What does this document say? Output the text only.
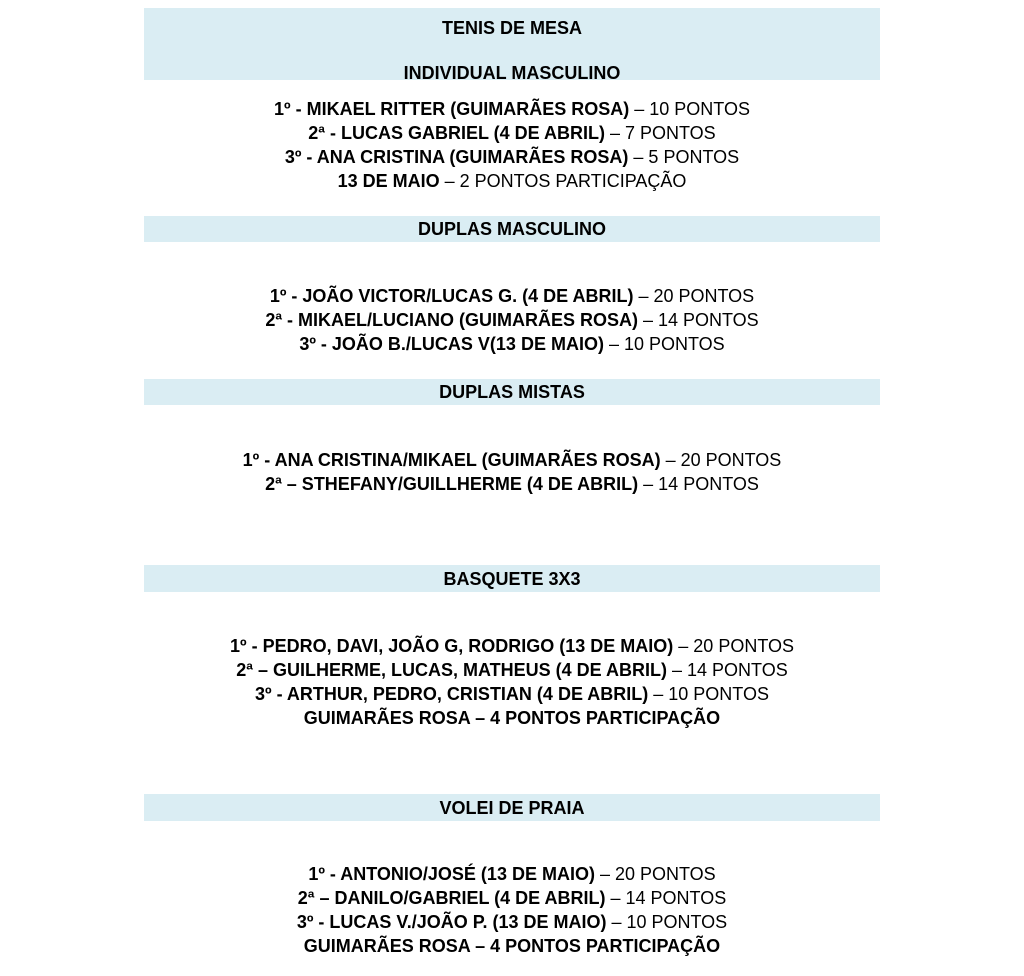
TENIS DE MESA
INDIVIDUAL MASCULINO
1º - MIKAEL RITTER (GUIMARÃES ROSA) – 10 PONTOS
2ª - LUCAS GABRIEL (4 DE ABRIL) – 7 PONTOS
3º - ANA CRISTINA (GUIMARÃES ROSA) – 5 PONTOS
13 DE MAIO – 2 PONTOS PARTICIPAÇÃO
DUPLAS MASCULINO
1º - JOÃO VICTOR/LUCAS G. (4 DE ABRIL) – 20 PONTOS
2ª - MIKAEL/LUCIANO (GUIMARÃES ROSA) – 14 PONTOS
3º - JOÃO B./LUCAS V(13 DE MAIO) – 10 PONTOS
DUPLAS MISTAS
1º - ANA CRISTINA/MIKAEL (GUIMARÃES ROSA) – 20 PONTOS
2ª – STHEFANY/GUILLHERME (4 DE ABRIL) – 14 PONTOS
BASQUETE 3X3
1º - PEDRO, DAVI, JOÃO G, RODRIGO (13 DE MAIO) – 20 PONTOS
2ª – GUILHERME, LUCAS, MATHEUS (4 DE ABRIL) – 14 PONTOS
3º - ARTHUR, PEDRO, CRISTIAN (4 DE ABRIL) – 10 PONTOS
GUIMARÃES ROSA – 4 PONTOS PARTICIPAÇÃO
VOLEI DE PRAIA
1º - ANTONIO/JOSÉ (13 DE MAIO) – 20 PONTOS
2ª – DANILO/GABRIEL (4 DE ABRIL) – 14 PONTOS
3º - LUCAS V./JOÃO P. (13 DE MAIO) – 10 PONTOS
GUIMARÃES ROSA – 4 PONTOS PARTICIPAÇÃO
